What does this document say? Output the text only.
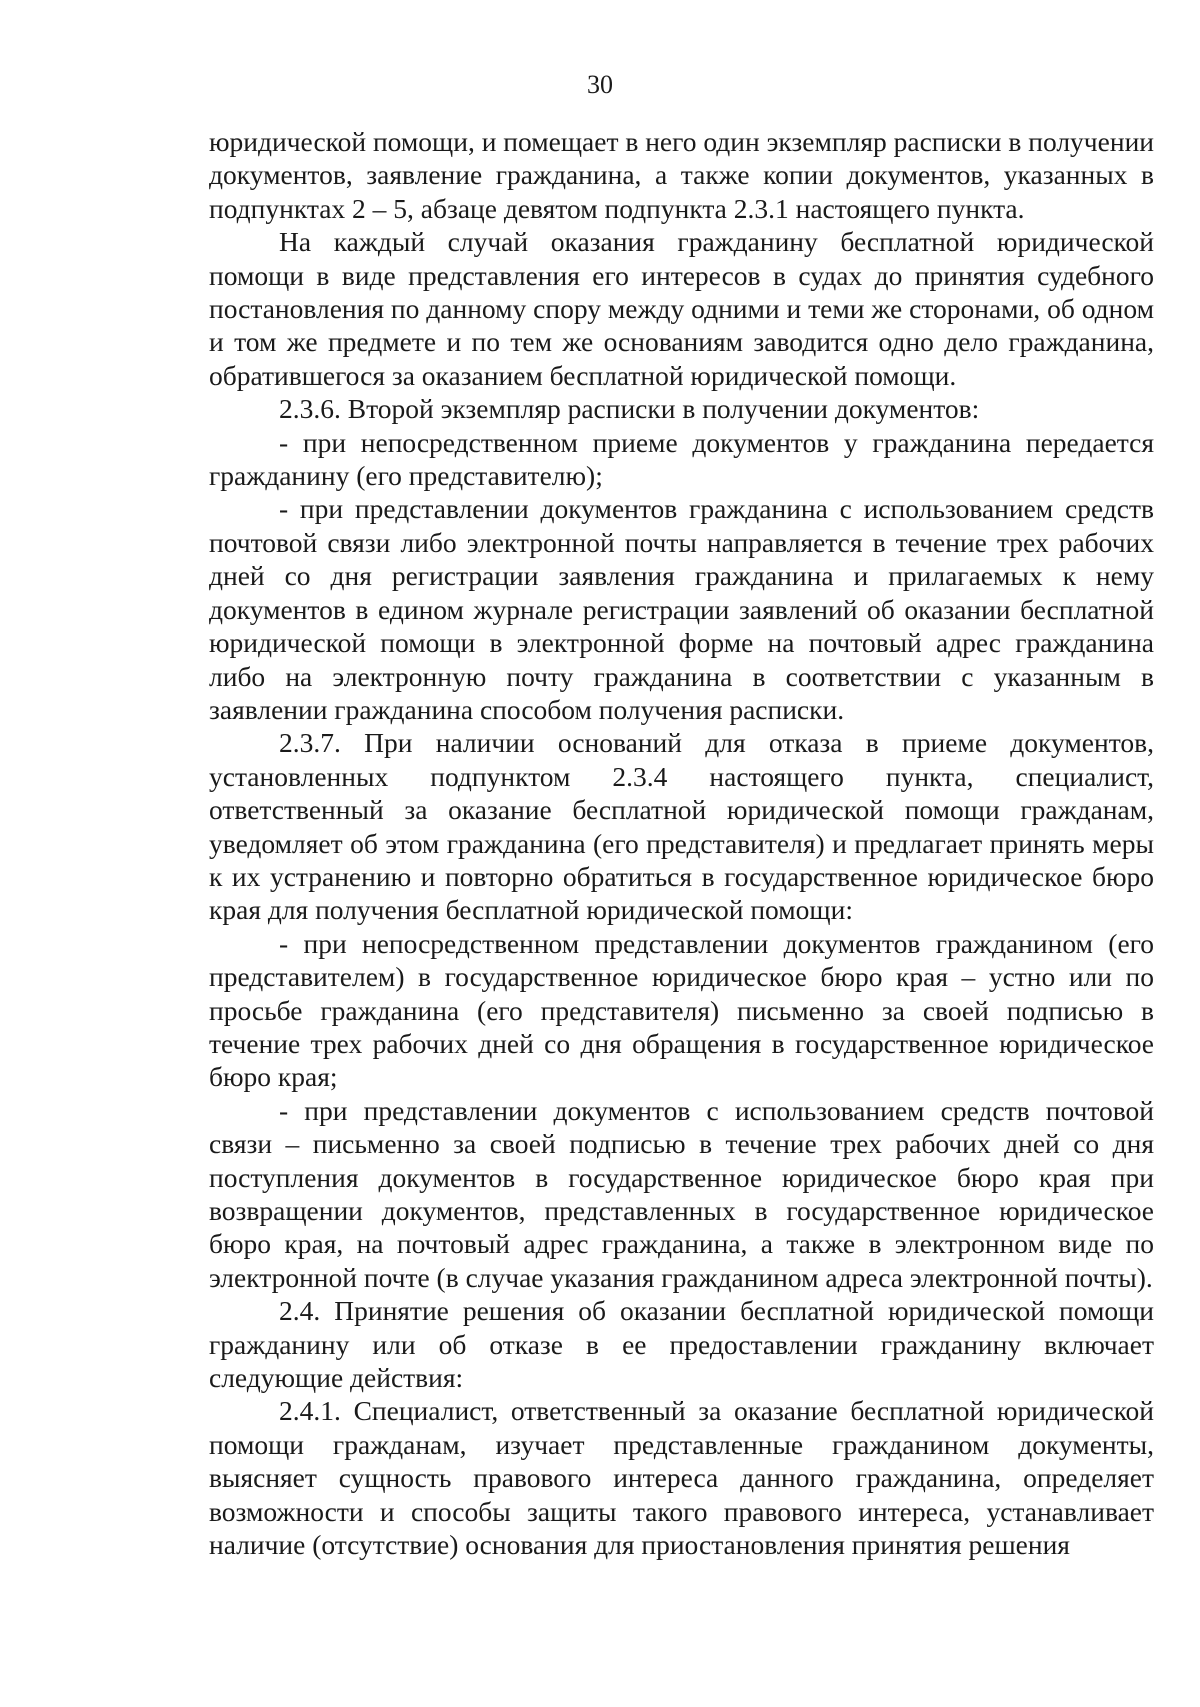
30

юридической помощи, и помещает в него один экземпляр расписки в получении документов, заявление гражданина, а также копии документов, указанных в подпунктах 2 – 5, абзаце девятом подпункта 2.3.1 настоящего пункта.

На каждый случай оказания гражданину бесплатной юридической помощи в виде представления его интересов в судах до принятия судебного постановления по данному спору между одними и теми же сторонами, об одном и том же предмете и по тем же основаниям заводится одно дело гражданина, обратившегося за оказанием бесплатной юридической помощи.

2.3.6. Второй экземпляр расписки в получении документов:

- при непосредственном приеме документов у гражданина передается гражданину (его представителю);

- при представлении документов гражданина с использованием средств почтовой связи либо электронной почты направляется в течение трех рабочих дней со дня регистрации заявления гражданина и прилагаемых к нему документов в едином журнале регистрации заявлений об оказании бесплатной юридической помощи в электронной форме на почтовый адрес гражданина либо на электронную почту гражданина в соответствии с указанным в заявлении гражданина способом получения расписки.

2.3.7. При наличии оснований для отказа в приеме документов, установленных подпунктом 2.3.4 настоящего пункта, специалист, ответственный за оказание бесплатной юридической помощи гражданам, уведомляет об этом гражданина (его представителя) и предлагает принять меры к их устранению и повторно обратиться в государственное юридическое бюро края для получения бесплатной юридической помощи:

- при непосредственном представлении документов гражданином (его представителем) в государственное юридическое бюро края – устно или по просьбе гражданина (его представителя) письменно за своей подписью в течение трех рабочих дней со дня обращения в государственное юридическое бюро края;

- при представлении документов с использованием средств почтовой связи – письменно за своей подписью в течение трех рабочих дней со дня поступления документов в государственное юридическое бюро края при возвращении документов, представленных в государственное юридическое бюро края, на почтовый адрес гражданина, а также в электронном виде по электронной почте (в случае указания гражданином адреса электронной почты).

2.4. Принятие решения об оказании бесплатной юридической помощи гражданину или об отказе в ее предоставлении гражданину включает следующие действия:

2.4.1. Специалист, ответственный за оказание бесплатной юридической помощи гражданам, изучает представленные гражданином документы, выясняет сущность правового интереса данного гражданина, определяет возможности и способы защиты такого правового интереса, устанавливает наличие (отсутствие) основания для приостановления принятия решения
